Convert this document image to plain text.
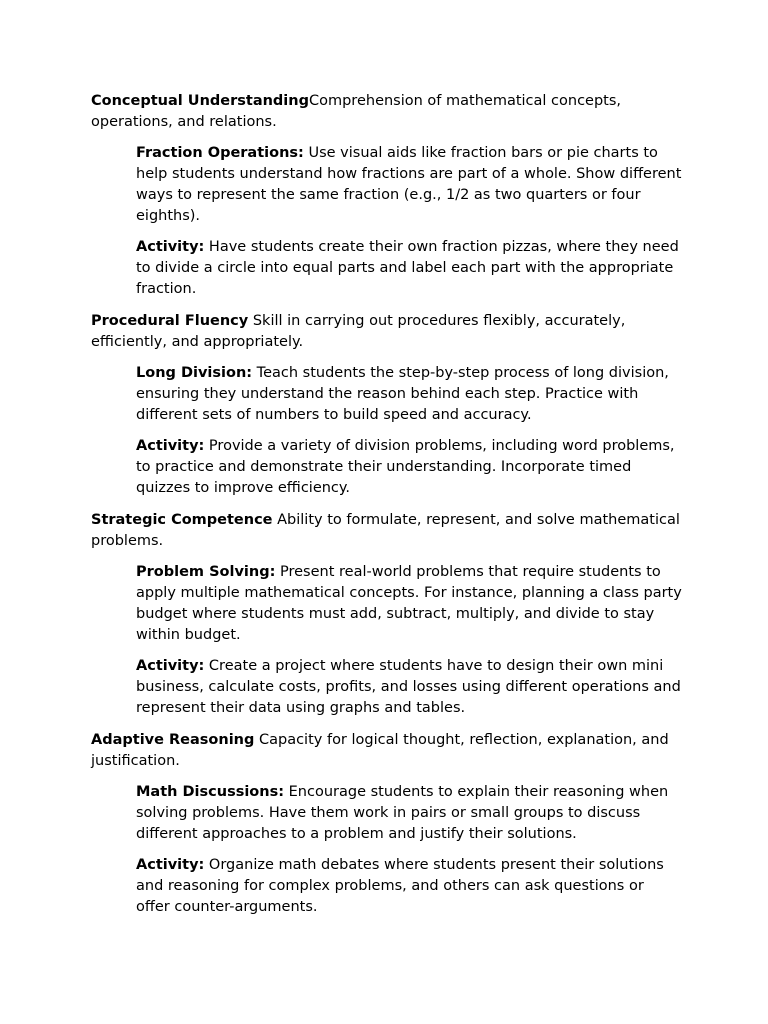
Conceptual UnderstandingComprehension of mathematical concepts, operations, and relations.

Fraction Operations: Use visual aids like fraction bars or pie charts to help students understand how fractions are part of a whole. Show different ways to represent the same fraction (e.g., 1/2 as two quarters or four eighths).

Activity: Have students create their own fraction pizzas, where they need to divide a circle into equal parts and label each part with the appropriate fraction.

Procedural Fluency Skill in carrying out procedures flexibly, accurately, efficiently, and appropriately.

Long Division: Teach students the step-by-step process of long division, ensuring they understand the reason behind each step. Practice with different sets of numbers to build speed and accuracy.

Activity: Provide a variety of division problems, including word problems, to practice and demonstrate their understanding. Incorporate timed quizzes to improve efficiency.

Strategic Competence Ability to formulate, represent, and solve mathematical problems.

Problem Solving: Present real-world problems that require students to apply multiple mathematical concepts. For instance, planning a class party budget where students must add, subtract, multiply, and divide to stay within budget.

Activity: Create a project where students have to design their own mini business, calculate costs, profits, and losses using different operations and represent their data using graphs and tables.

Adaptive Reasoning Capacity for logical thought, reflection, explanation, and justification.

Math Discussions: Encourage students to explain their reasoning when solving problems. Have them work in pairs or small groups to discuss different approaches to a problem and justify their solutions.

Activity: Organize math debates where students present their solutions and reasoning for complex problems, and others can ask questions or offer counter-arguments.
